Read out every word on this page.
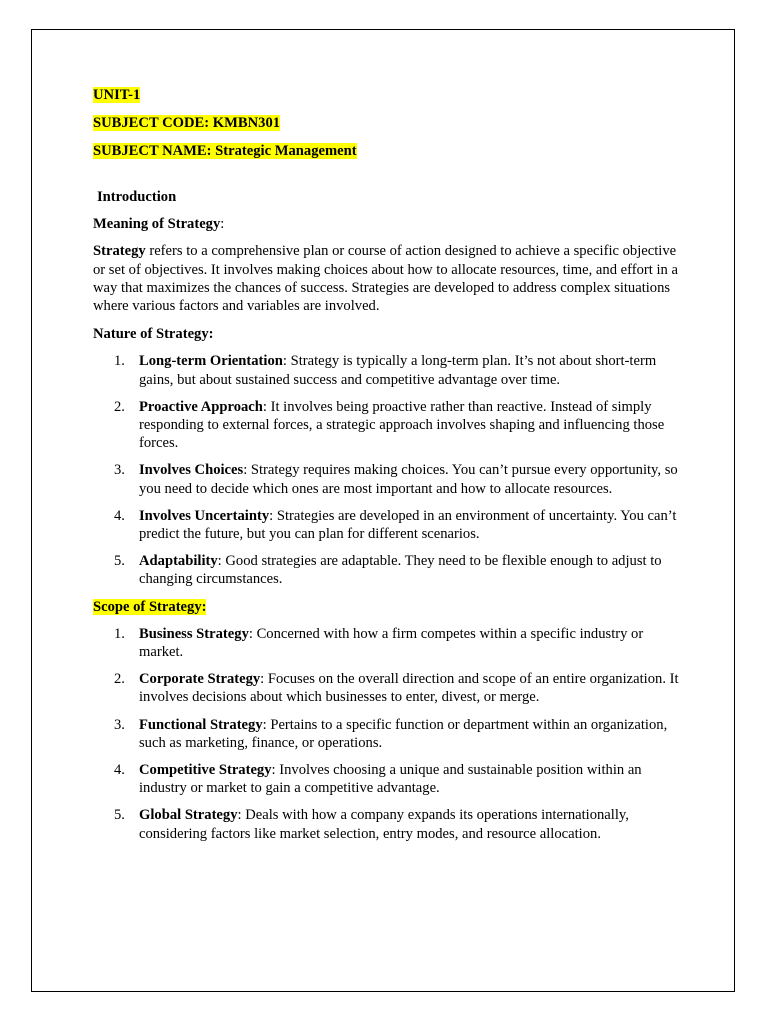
UNIT-1

SUBJECT CODE: KMBN301

SUBJECT NAME: Strategic Management

Introduction

Meaning of Strategy:

Strategy refers to a comprehensive plan or course of action designed to achieve a specific objective or set of objectives. It involves making choices about how to allocate resources, time, and effort in a way that maximizes the chances of success. Strategies are developed to address complex situations where various factors and variables are involved.

Nature of Strategy:

1. Long-term Orientation: Strategy is typically a long-term plan. It’s not about short-term gains, but about sustained success and competitive advantage over time.
2. Proactive Approach: It involves being proactive rather than reactive. Instead of simply responding to external forces, a strategic approach involves shaping and influencing those forces.
3. Involves Choices: Strategy requires making choices. You can’t pursue every opportunity, so you need to decide which ones are most important and how to allocate resources.
4. Involves Uncertainty: Strategies are developed in an environment of uncertainty. You can’t predict the future, but you can plan for different scenarios.
5. Adaptability: Good strategies are adaptable. They need to be flexible enough to adjust to changing circumstances.

Scope of Strategy:

1. Business Strategy: Concerned with how a firm competes within a specific industry or market.
2. Corporate Strategy: Focuses on the overall direction and scope of an entire organization. It involves decisions about which businesses to enter, divest, or merge.
3. Functional Strategy: Pertains to a specific function or department within an organization, such as marketing, finance, or operations.
4. Competitive Strategy: Involves choosing a unique and sustainable position within an industry or market to gain a competitive advantage.
5. Global Strategy: Deals with how a company expands its operations internationally, considering factors like market selection, entry modes, and resource allocation.
